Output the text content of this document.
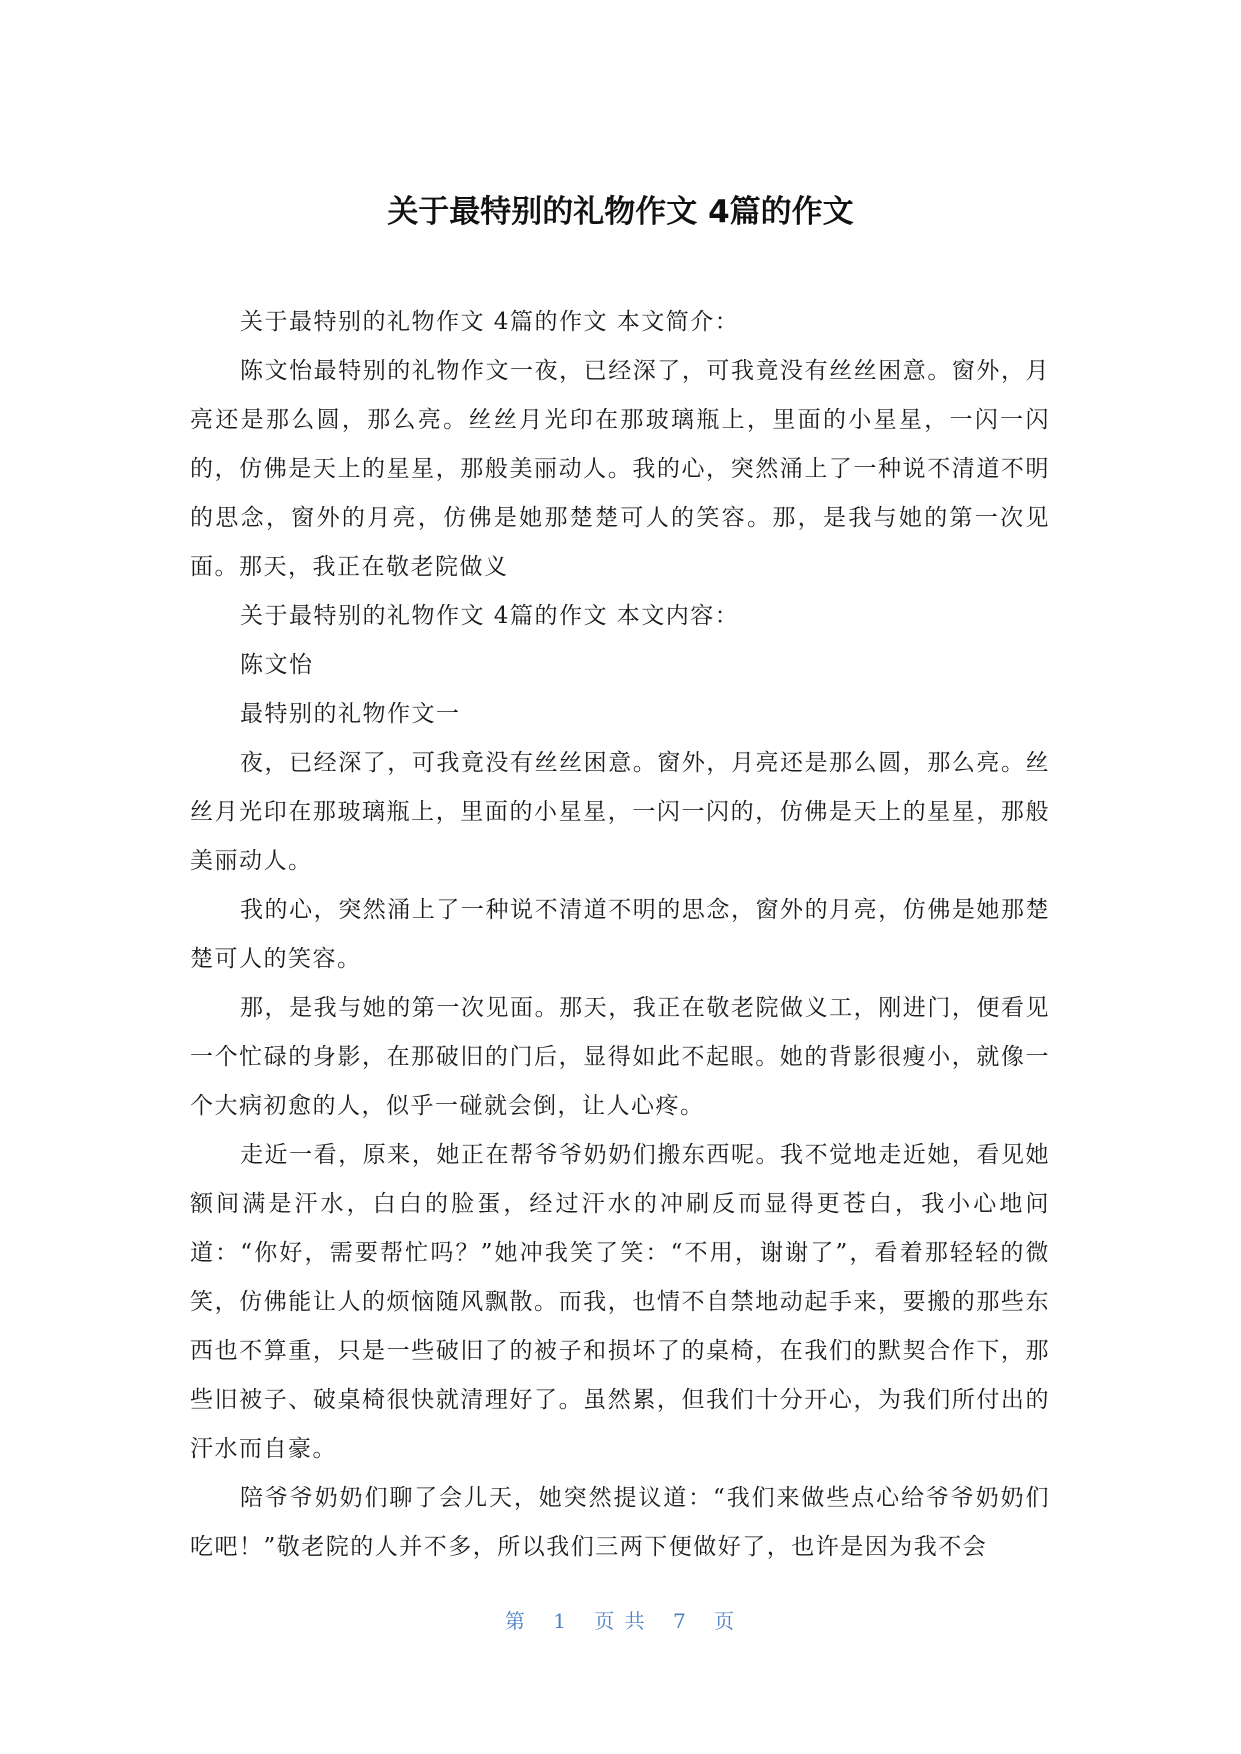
关于最特别的礼物作文 4篇的作文

关于最特别的礼物作文 4篇的作文 本文简介：

陈文怡最特别的礼物作文一夜，已经深了，可我竟没有丝丝困意。窗外，月亮还是那么圆，那么亮。丝丝月光印在那玻璃瓶上，里面的小星星，一闪一闪的，仿佛是天上的星星，那般美丽动人。我的心，突然涌上了一种说不清道不明的思念，窗外的月亮，仿佛是她那楚楚可人的笑容。那，是我与她的第一次见面。那天，我正在敬老院做义

关于最特别的礼物作文 4篇的作文 本文内容：

陈文怡

最特别的礼物作文一

夜，已经深了，可我竟没有丝丝困意。窗外，月亮还是那么圆，那么亮。丝丝月光印在那玻璃瓶上，里面的小星星，一闪一闪的，仿佛是天上的星星，那般美丽动人。

我的心，突然涌上了一种说不清道不明的思念，窗外的月亮，仿佛是她那楚楚可人的笑容。

那，是我与她的第一次见面。那天，我正在敬老院做义工，刚进门，便看见一个忙碌的身影，在那破旧的门后，显得如此不起眼。她的背影很瘦小，就像一个大病初愈的人，似乎一碰就会倒，让人心疼。

走近一看，原来，她正在帮爷爷奶奶们搬东西呢。我不觉地走近她，看见她额间满是汗水，白白的脸蛋，经过汗水的冲刷反而显得更苍白，我小心地问道：“你好，需要帮忙吗？”她冲我笑了笑：“不用，谢谢了”，看着那轻轻的微笑，仿佛能让人的烦恼随风飘散。而我，也情不自禁地动起手来，要搬的那些东西也不算重，只是一些破旧了的被子和损坏了的桌椅，在我们的默契合作下，那些旧被子、破桌椅很快就清理好了。虽然累，但我们十分开心，为我们所付出的汗水而自豪。

陪爷爷奶奶们聊了会儿天，她突然提议道：“我们来做些点心给爷爷奶奶们吃吧！”敬老院的人并不多，所以我们三两下便做好了，也许是因为我不会

第 1 页 共 7 页
